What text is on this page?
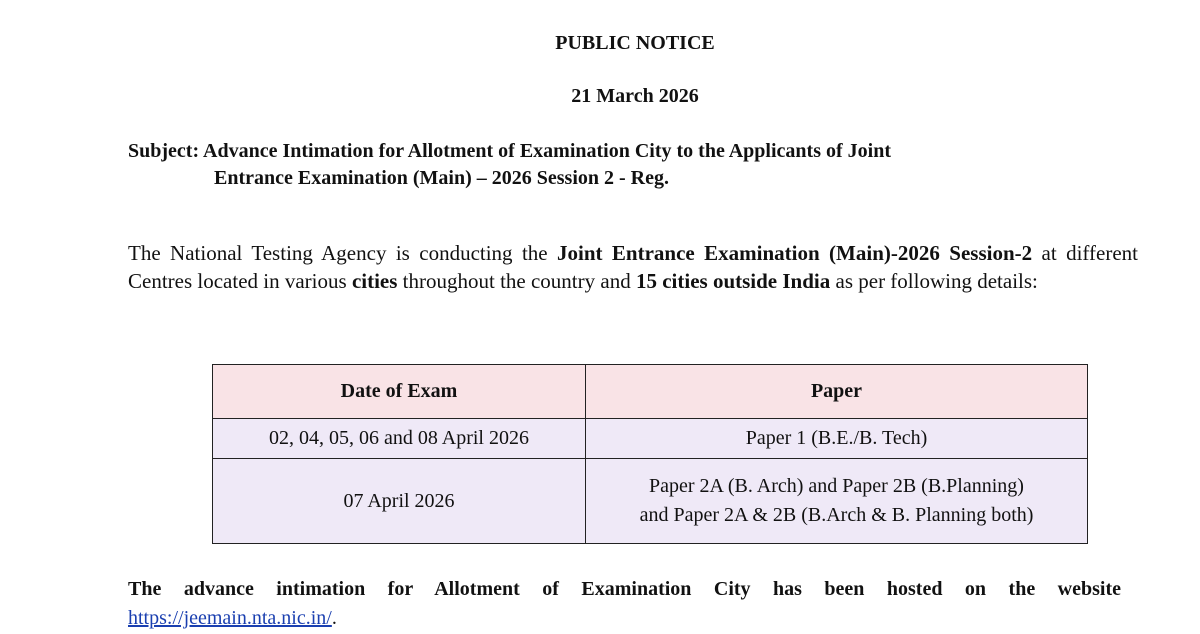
PUBLIC NOTICE
21 March 2026
Subject: Advance Intimation for Allotment of Examination City to the Applicants of Joint
Entrance Examination (Main) – 2026 Session 2 - Reg.
The National Testing Agency is conducting the Joint Entrance Examination (Main)-2026 Session-2 at different Centres located in various cities throughout the country and 15 cities outside India as per following details:
Date of Exam	Paper
02, 04, 05, 06 and 08 April 2026	Paper 1 (B.E./B. Tech)

07 April 2026	Paper 2A (B. Arch) and Paper 2B (B.Planning)
and Paper 2A & 2B (B.Arch & B. Planning both)
The advance intimation for Allotment of Examination City has been hosted on the website
https://jeemain.nta.nic.in/.
